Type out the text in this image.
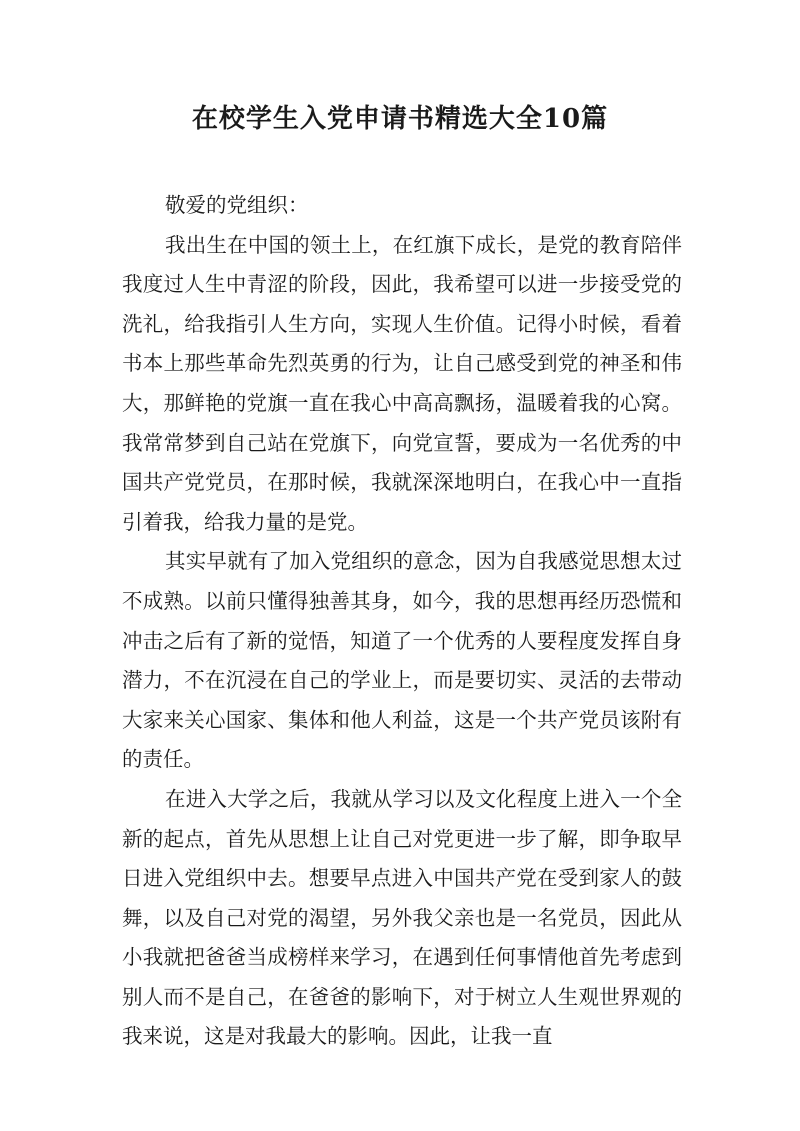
在校学生入党申请书精选大全10篇

敬爱的党组织：

我出生在中国的领土上，在红旗下成长，是党的教育陪伴我度过人生中青涩的阶段，因此，我希望可以进一步接受党的洗礼，给我指引人生方向，实现人生价值。记得小时候，看着书本上那些革命先烈英勇的行为，让自己感受到党的神圣和伟大，那鲜艳的党旗一直在我心中高高飘扬，温暖着我的心窝。我常常梦到自己站在党旗下，向党宣誓，要成为一名优秀的中国共产党党员，在那时候，我就深深地明白，在我心中一直指引着我，给我力量的是党。

其实早就有了加入党组织的意念，因为自我感觉思想太过不成熟。以前只懂得独善其身，如今，我的思想再经历恐慌和冲击之后有了新的觉悟，知道了一个优秀的人要程度发挥自身潜力，不在沉浸在自己的学业上，而是要切实、灵活的去带动大家来关心国家、集体和他人利益，这是一个共产党员该附有的责任。

在进入大学之后，我就从学习以及文化程度上进入一个全新的起点，首先从思想上让自己对党更进一步了解，即争取早日进入党组织中去。想要早点进入中国共产党在受到家人的鼓舞，以及自己对党的渴望，另外我父亲也是一名党员，因此从小我就把爸爸当成榜样来学习，在遇到任何事情他首先考虑到别人而不是自己，在爸爸的影响下，对于树立人生观世界观的我来说，这是对我最大的影响。因此，让我一直
